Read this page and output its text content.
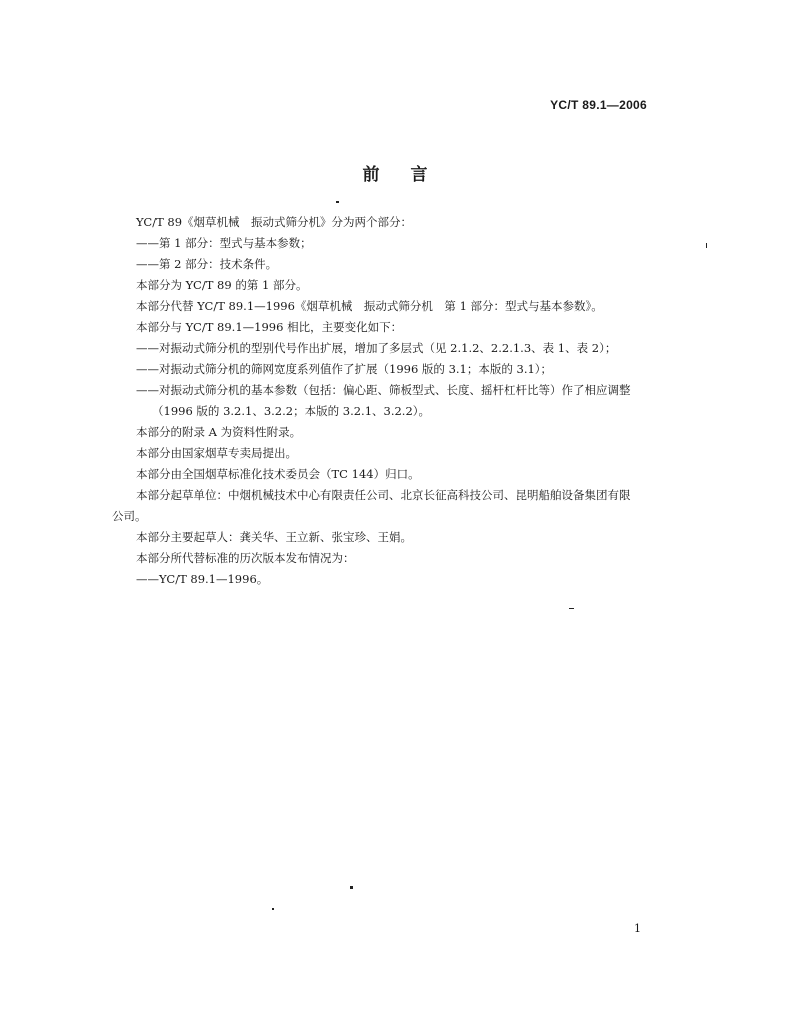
YC/T 89.1—2006
前 言
YC/T 89《烟草机械　振动式筛分机》分为两个部分：
——第 1 部分：型式与基本参数；
——第 2 部分：技术条件。
本部分为 YC/T 89 的第 1 部分。
本部分代替 YC/T 89.1—1996《烟草机械　振动式筛分机　第 1 部分：型式与基本参数》。
本部分与 YC/T 89.1—1996 相比，主要变化如下：
——对振动式筛分机的型别代号作出扩展，增加了多层式（见 2.1.2、2.2.1.3、表 1、表 2）；
——对振动式筛分机的筛网宽度系列值作了扩展（1996 版的 3.1；本版的 3.1）；
——对振动式筛分机的基本参数（包括：偏心距、筛板型式、长度、摇杆杠杆比等）作了相应调整
（1996 版的 3.2.1、3.2.2；本版的 3.2.1、3.2.2）。
本部分的附录 A 为资料性附录。
本部分由国家烟草专卖局提出。
本部分由全国烟草标准化技术委员会（TC 144）归口。
本部分起草单位：中烟机械技术中心有限责任公司、北京长征高科技公司、昆明船舶设备集团有限
公司。
本部分主要起草人：龚关华、王立新、张宝珍、王娟。
本部分所代替标准的历次版本发布情况为：
——YC/T 89.1—1996。
1
